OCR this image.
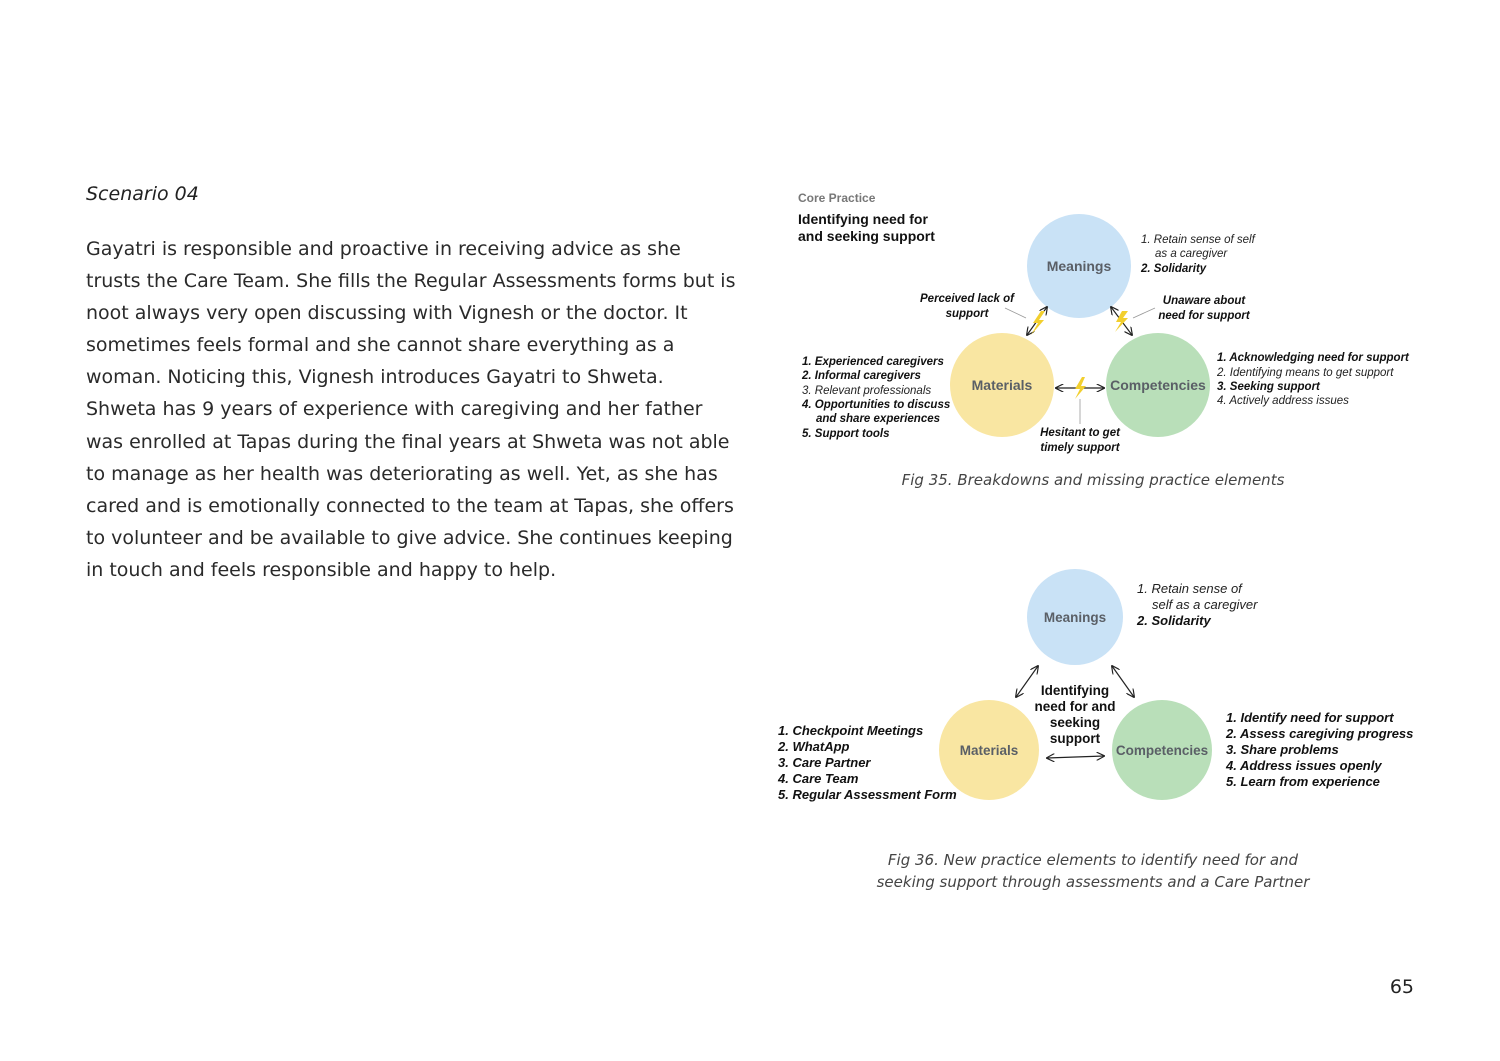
Scenario 04

Gayatri is responsible and proactive in receiving advice as she trusts the Care Team. She fills the Regular Assessments forms but is noot always very open discussing with Vignesh or the doctor. It sometimes feels formal and she cannot share everything as a woman. Noticing this, Vignesh introduces Gayatri to Shweta. Shweta has 9 years of experience with caregiving and her father was enrolled at Tapas during the final years at Shweta was not able to manage as her health was deteriorating as well. Yet, as she has cared and is emotionally connected to the team at Tapas, she offers to volunteer and be available to give advice. She continues keeping in touch and feels responsible and happy to help.

Core Practice
Identifying need for
and seeking support
Meanings
Materials	Competencies
Perceived lack of
support
Unaware about
need for support
Hesitant to get
timely support
1. Retain sense of self
as a caregiver
2. Solidarity
1. Experienced caregivers
2. Informal caregivers
3. Relevant professionals
4. Opportunities to discuss
and share experiences
5. Support tools
1. Acknowledging need for support
2. Identifying means to get support
3. Seeking support
4. Actively address issues
Fig 35. Breakdowns and missing practice elements
Meanings
Materials	Competencies
Identifying
need for and
seeking
support
1. Retain sense of
self as a caregiver
2. Solidarity
1. Checkpoint Meetings
2. WhatApp
3. Care Partner
4. Care Team
5. Regular Assessment Form
1. Identify need for support
2. Assess caregiving progress
3. Share problems
4. Address issues openly
5. Learn from experience
Fig 36. New practice elements to identify need for and
seeking support through assessments and a Care Partner
65
